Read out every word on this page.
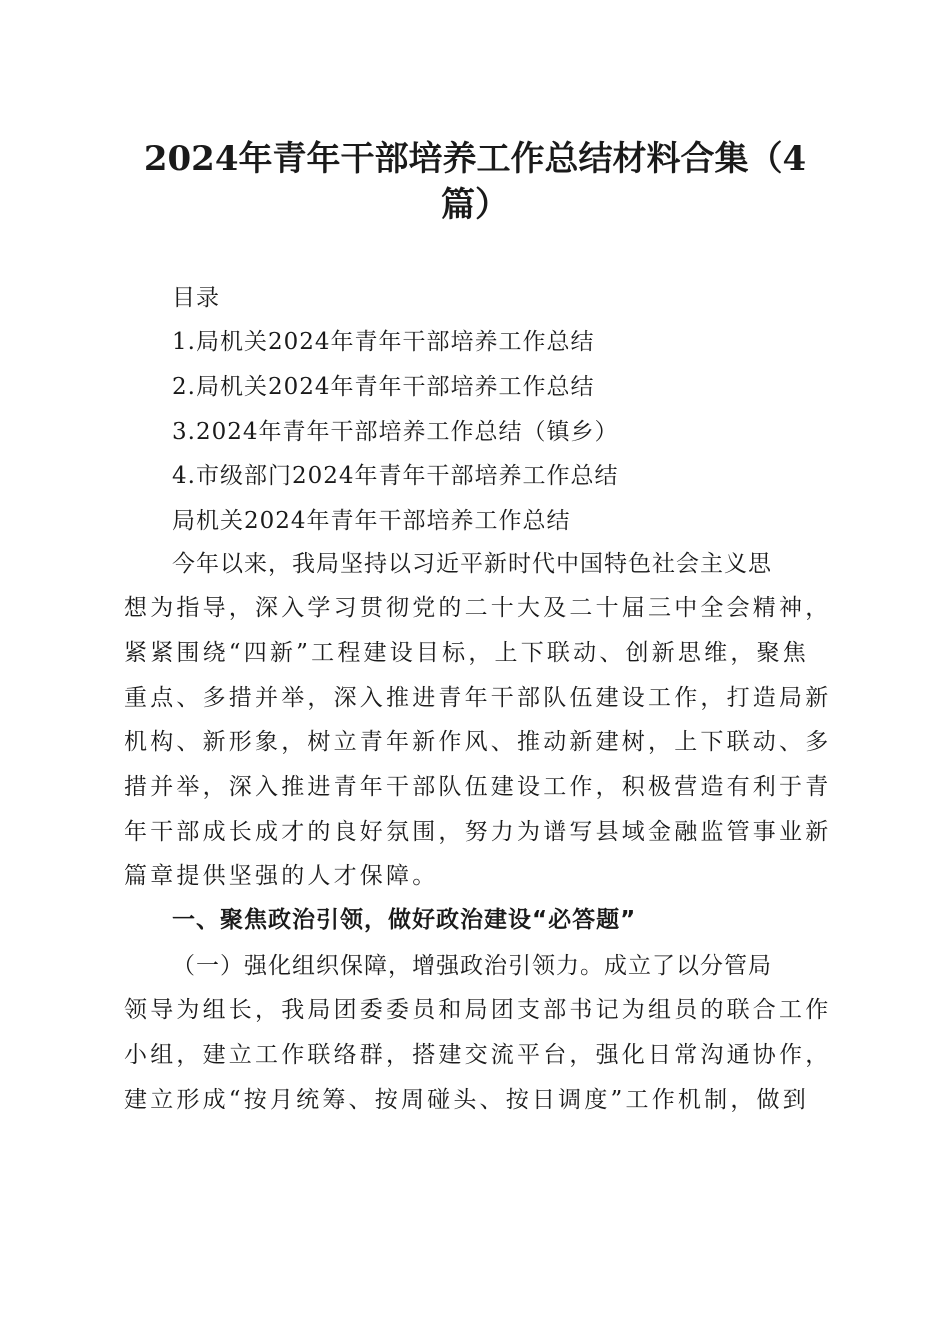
2024年青年干部培养工作总结材料合集（4
篇）

目录

1.局机关2024年青年干部培养工作总结

2.局机关2024年青年干部培养工作总结

3.2024年青年干部培养工作总结（镇乡）

4.市级部门2024年青年干部培养工作总结

局机关2024年青年干部培养工作总结

今年以来，我局坚持以习近平新时代中国特色社会主义思

想为指导，深入学习贯彻党的二十大及二十届三中全会精神，

紧紧围绕“四新”工程建设目标，上下联动、创新思维，聚焦

重点、多措并举，深入推进青年干部队伍建设工作，打造局新

机构、新形象，树立青年新作风、推动新建树，上下联动、多

措并举，深入推进青年干部队伍建设工作，积极营造有利于青

年干部成长成才的良好氛围，努力为谱写县域金融监管事业新

篇章提供坚强的人才保障。

一、聚焦政治引领，做好政治建设“必答题”

（一）强化组织保障，增强政治引领力。成立了以分管局

领导为组长，我局团委委员和局团支部书记为组员的联合工作

小组，建立工作联络群，搭建交流平台，强化日常沟通协作，

建立形成“按月统筹、按周碰头、按日调度”工作机制，做到
